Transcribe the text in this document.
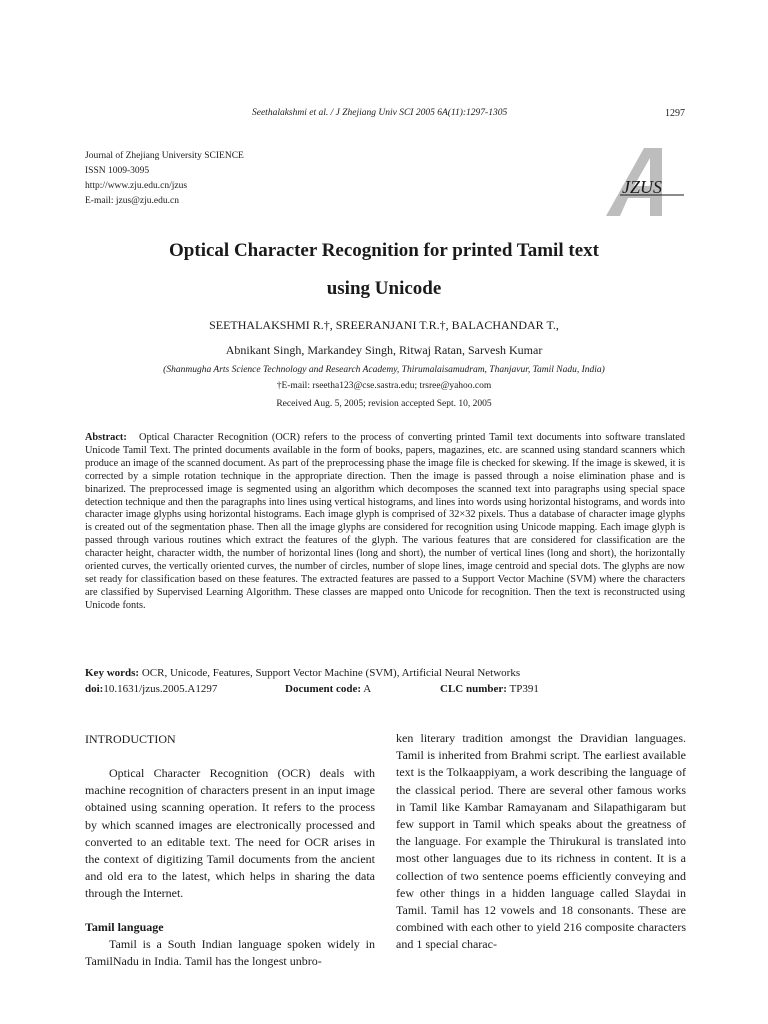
Seethalakshmi et al. / J Zhejiang Univ SCI 2005 6A(11):1297-1305	1297
Journal of Zhejiang University SCIENCE
ISSN 1009-3095
http://www.zju.edu.cn/jzus
E-mail: jzus@zju.edu.cn
JZUS
Optical Character Recognition for printed Tamil text
using Unicode
SEETHALAKSHMI R.†, SREERANJANI T.R.†, BALACHANDAR T.,
Abnikant Singh, Markandey Singh, Ritwaj Ratan, Sarvesh Kumar
(Shanmugha Arts Science Technology and Research Academy, Thirumalaisamudram, Thanjavur, Tamil Nadu, India)
†E-mail: rseetha123@cse.sastra.edu; trsree@yahoo.com
Received Aug. 5, 2005; revision accepted Sept. 10, 2005
Abstract: Optical Character Recognition (OCR) refers to the process of converting printed Tamil text documents into software translated Unicode Tamil Text. The printed documents available in the form of books, papers, magazines, etc. are scanned using standard scanners which produce an image of the scanned document. As part of the preprocessing phase the image file is checked for skewing. If the image is skewed, it is corrected by a simple rotation technique in the appropriate direction. Then the image is passed through a noise elimination phase and is binarized. The preprocessed image is segmented using an algorithm which decomposes the scanned text into paragraphs using special space detection technique and then the paragraphs into lines using vertical histograms, and lines into words using horizontal histograms, and words into character image glyphs using horizontal histograms. Each image glyph is comprised of 32×32 pixels. Thus a database of character image glyphs is created out of the segmentation phase. Then all the image glyphs are considered for recognition using Unicode mapping. Each image glyph is passed through various routines which extract the features of the glyph. The various features that are considered for classification are the character height, character width, the number of horizontal lines (long and short), the number of vertical lines (long and short), the horizontally oriented curves, the vertically oriented curves, the number of circles, number of slope lines, image centroid and special dots. The glyphs are now set ready for classification based on these features. The extracted features are passed to a Support Vector Machine (SVM) where the characters are classified by Supervised Learning Algorithm. These classes are mapped onto Unicode for recognition. Then the text is reconstructed using Unicode fonts.
Key words: OCR, Unicode, Features, Support Vector Machine (SVM), Artificial Neural Networks
doi:10.1631/jzus.2005.A1297	Document code: A	CLC number: TP391
INTRODUCTION
Optical Character Recognition (OCR) deals with machine recognition of characters present in an input image obtained using scanning operation. It refers to the process by which scanned images are electronically processed and converted to an editable text. The need for OCR arises in the context of digitizing Tamil documents from the ancient and old era to the latest, which helps in sharing the data through the Internet.
Tamil language
Tamil is a South Indian language spoken widely in TamilNadu in India. Tamil has the longest unbro-
ken literary tradition amongst the Dravidian languages. Tamil is inherited from Brahmi script. The earliest available text is the Tolkaappiyam, a work describing the language of the classical period. There are several other famous works in Tamil like Kambar Ramayanam and Silapathigaram but few support in Tamil which speaks about the greatness of the language. For example the Thirukural is translated into most other languages due to its richness in content. It is a collection of two sentence poems efficiently conveying and few other things in a hidden language called Slaydai in Tamil. Tamil has 12 vowels and 18 consonants. These are combined with each other to yield 216 composite characters and 1 special charac-
